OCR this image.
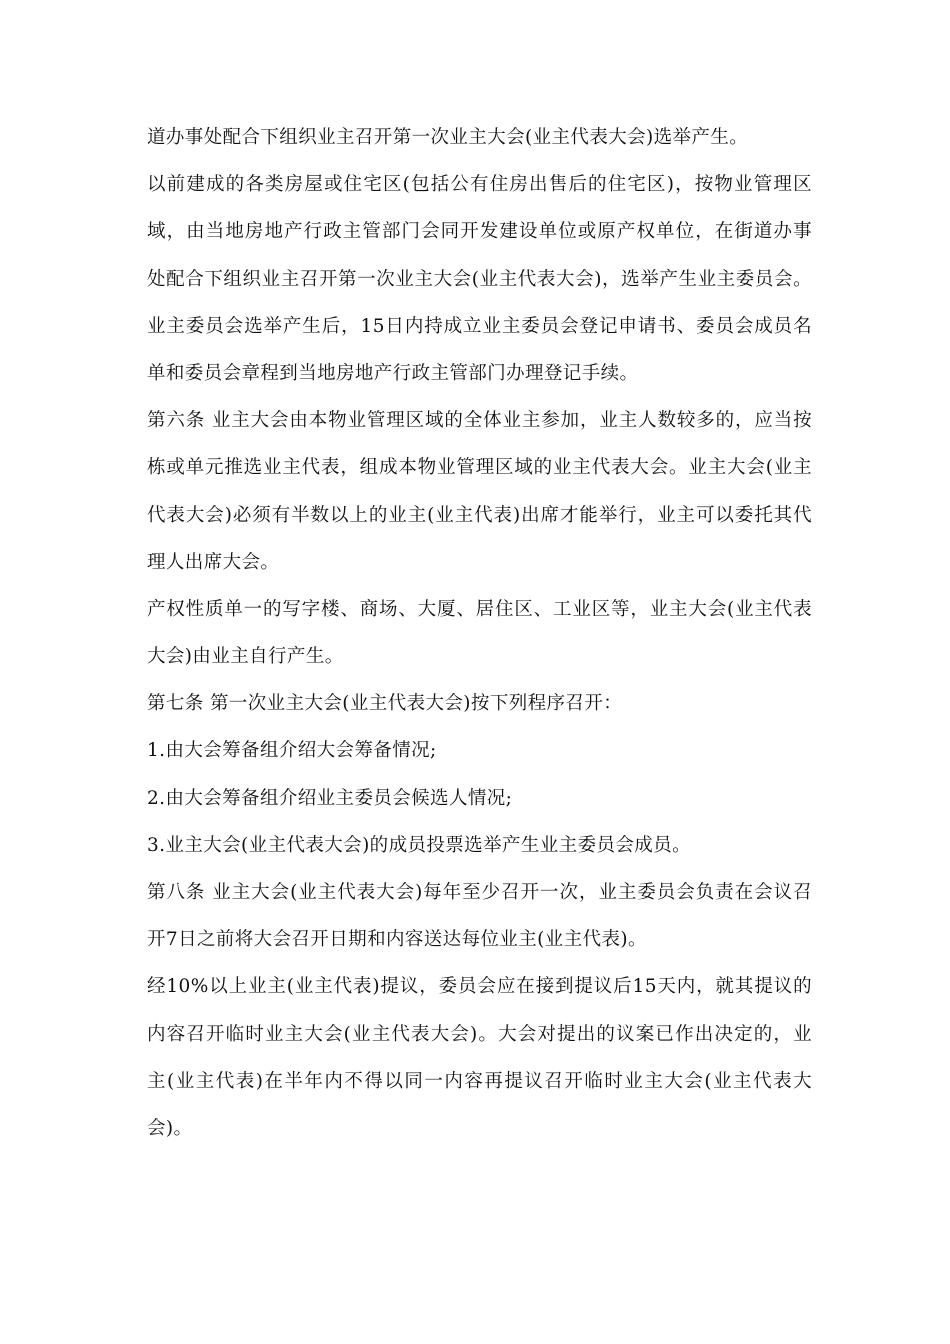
道办事处配合下组织业主召开第一次业主大会(业主代表大会)选举产生。
以前建成的各类房屋或住宅区(包括公有住房出售后的住宅区)，按物业管理区
域，由当地房地产行政主管部门会同开发建设单位或原产权单位，在街道办事
处配合下组织业主召开第一次业主大会(业主代表大会)，选举产生业主委员会。
业主委员会选举产生后，15日内持成立业主委员会登记申请书、委员会成员名
单和委员会章程到当地房地产行政主管部门办理登记手续。
第六条 业主大会由本物业管理区域的全体业主参加，业主人数较多的，应当按
栋或单元推选业主代表，组成本物业管理区域的业主代表大会。业主大会(业主
代表大会)必须有半数以上的业主(业主代表)出席才能举行，业主可以委托其代
理人出席大会。
产权性质单一的写字楼、商场、大厦、居住区、工业区等，业主大会(业主代表
大会)由业主自行产生。
第七条 第一次业主大会(业主代表大会)按下列程序召开：
1.由大会筹备组介绍大会筹备情况;
2.由大会筹备组介绍业主委员会候选人情况;
3.业主大会(业主代表大会)的成员投票选举产生业主委员会成员。
第八条 业主大会(业主代表大会)每年至少召开一次，业主委员会负责在会议召
开7日之前将大会召开日期和内容送达每位业主(业主代表)。
经10%以上业主(业主代表)提议，委员会应在接到提议后15天内，就其提议的
内容召开临时业主大会(业主代表大会)。大会对提出的议案已作出决定的，业
主(业主代表)在半年内不得以同一内容再提议召开临时业主大会(业主代表大
会)。
